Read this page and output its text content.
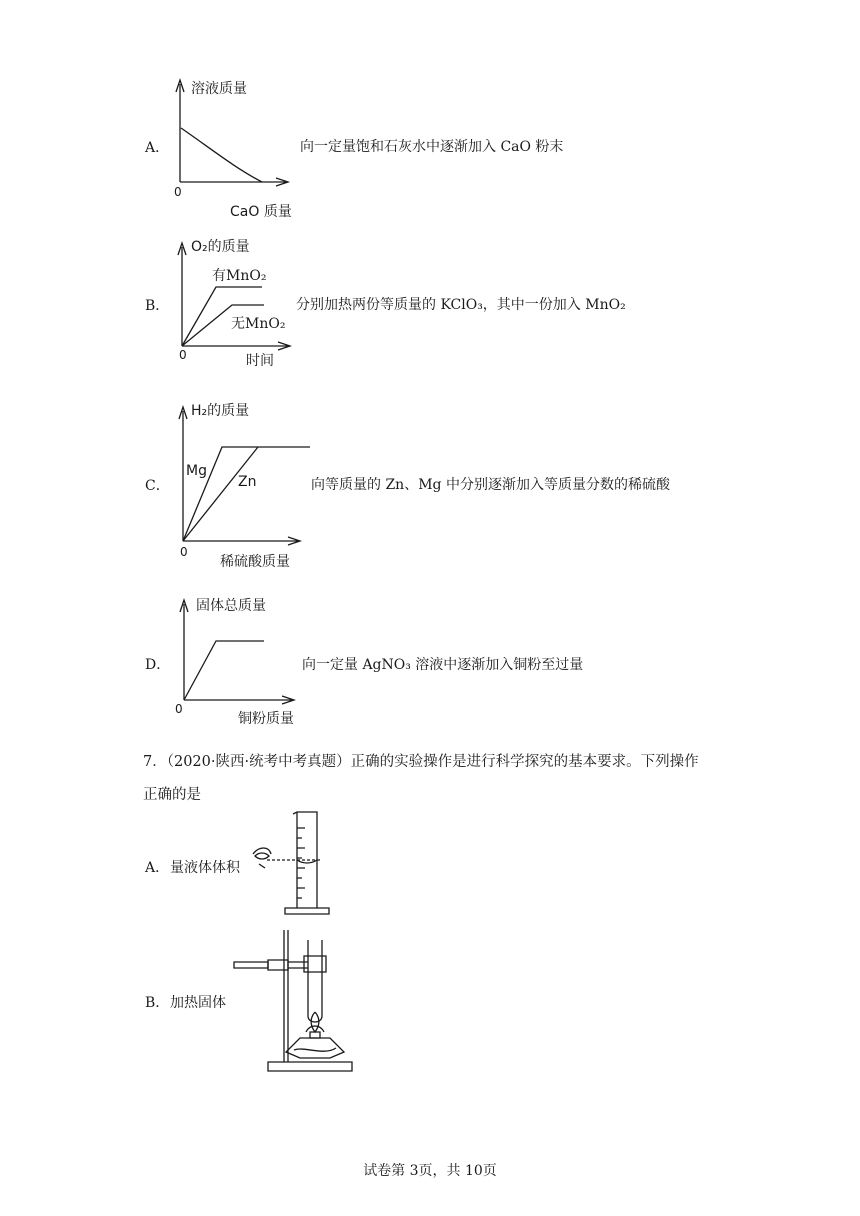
A．
溶液质量
0
CaO 质量
向一定量饱和石灰水中逐渐加入 CaO 粉末
B．
O₂的质量
有MnO₂
无MnO₂
0	时间
分别加热两份等质量的 KClO₃，其中一份加入 MnO₂
C．
H₂的质量
Mg
Zn
0
稀硫酸质量
向等质量的 Zn、Mg 中分别逐渐加入等质量分数的稀硫酸
D．
固体总质量
0
铜粉质量
向一定量 AgNO₃ 溶液中逐渐加入铜粉至过量
7．（2020·陕西·统考中考真题）正确的实验操作是进行科学探究的基本要求。下列操作
正确的是
A． 量液体体积
B． 加热固体
试卷第 3页，共 10页
